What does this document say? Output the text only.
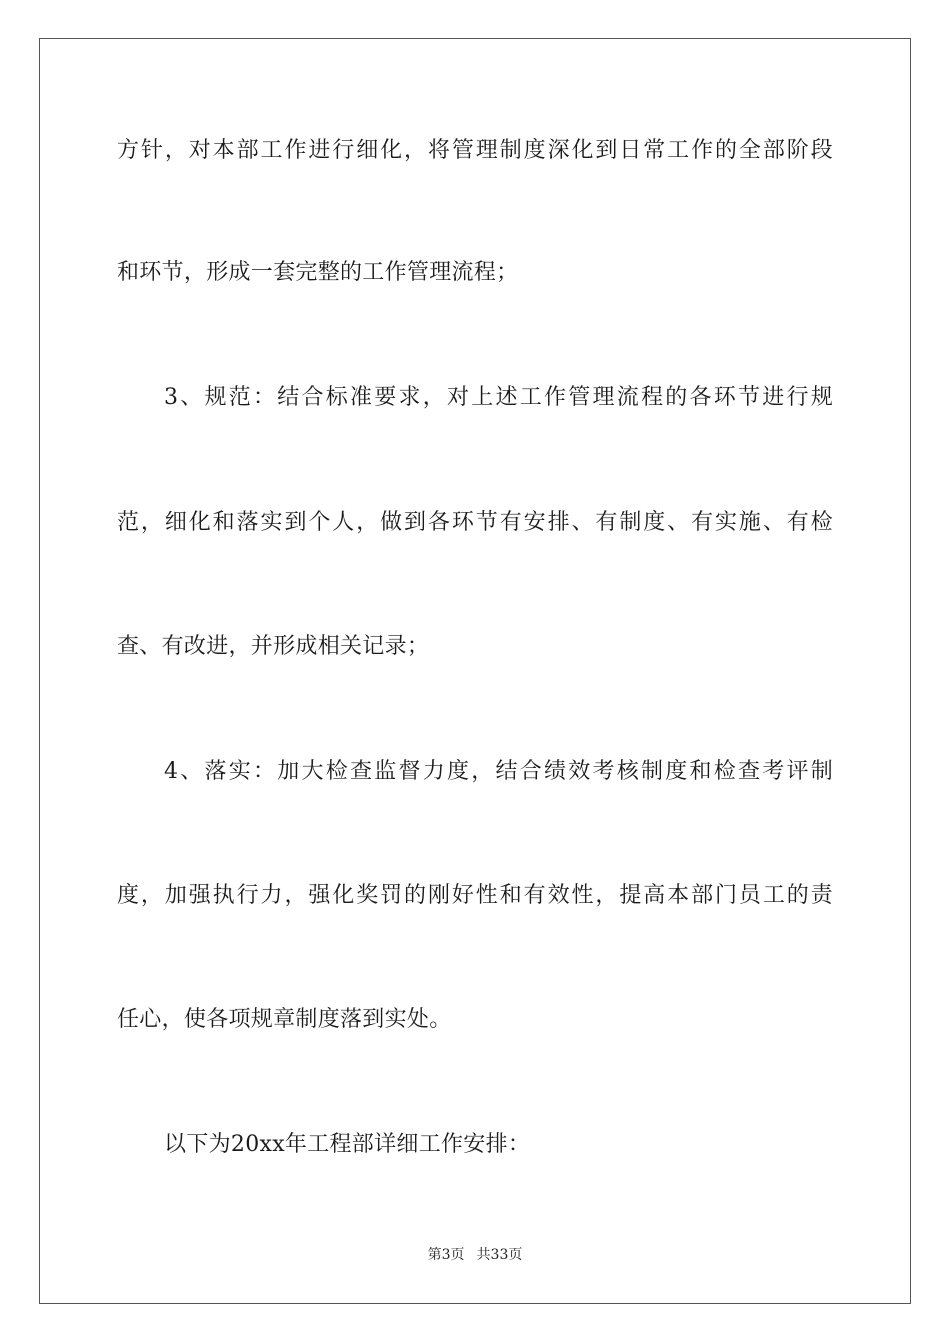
方针，对本部工作进行细化，将管理制度深化到日常工作的全部阶段
和环节，形成一套完整的工作管理流程；
3、规范：结合标准要求，对上述工作管理流程的各环节进行规
范，细化和落实到个人，做到各环节有安排、有制度、有实施、有检
查、有改进，并形成相关记录；
4、落实：加大检查监督力度，结合绩效考核制度和检查考评制
度，加强执行力，强化奖罚的刚好性和有效性，提高本部门员工的责
任心，使各项规章制度落到实处。
以下为20xx年工程部详细工作安排：
第3页 共33页
